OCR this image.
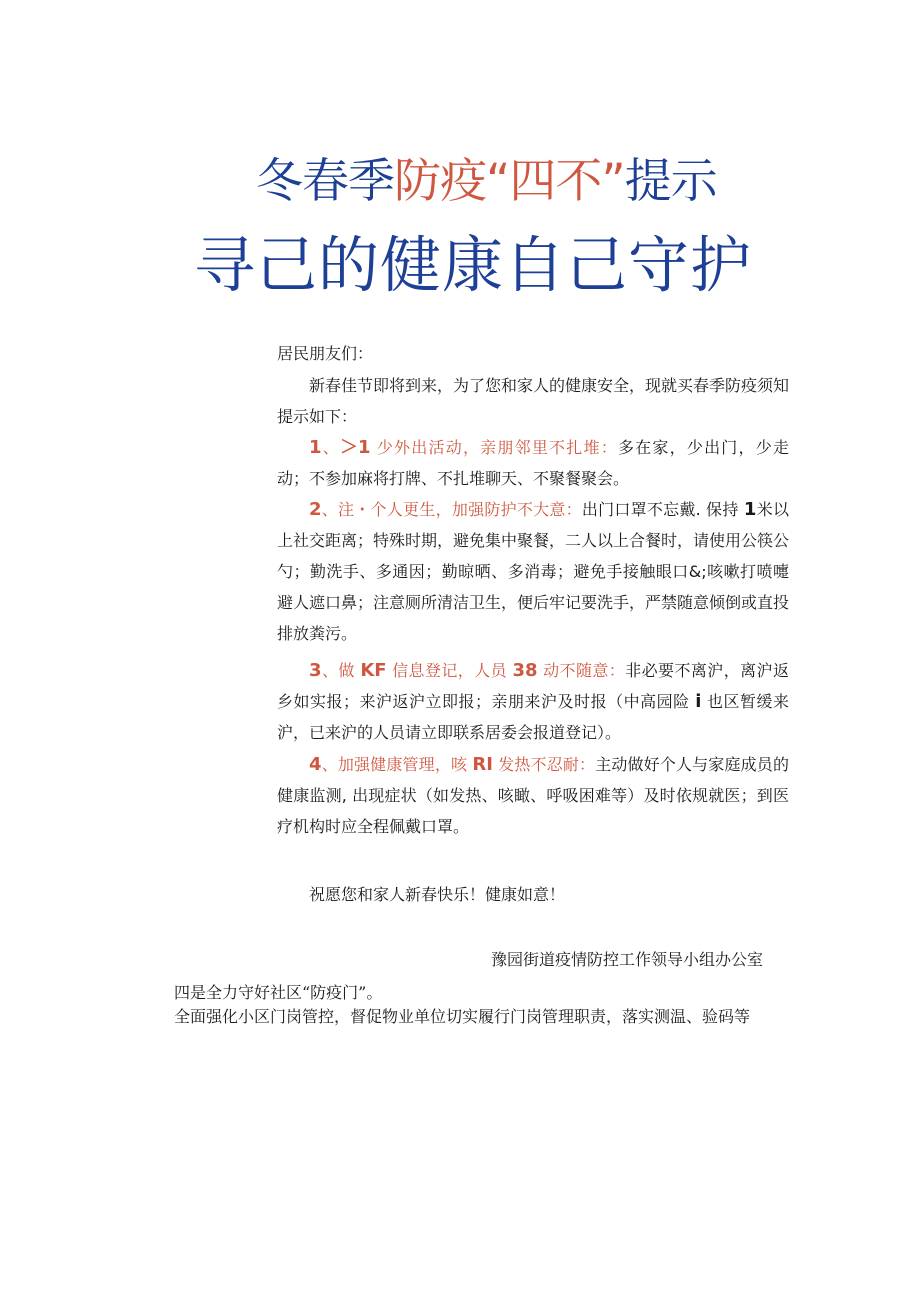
冬春季防疫“四不”提示
寻己的健康自己守护
居民朋友们：

新春佳节即将到来，为了您和家人的健康安全，现就买春季防疫须知提示如下：

1、＞1 少外出活动，亲朋邻里不扎堆：多在家，少出门，少走动；不参加麻将打牌、不扎堆聊天、不聚餐聚会。

2、注・个人更生，加强防护不大意：出门口罩不忘戴. 保持 1米以上社交距离；特殊时期，避免集中聚餐，二人以上合餐时，请使用公筷公勺；勤洗手、多通因；勤晾晒、多消毒；避免手接触眼口&;咳嗽打喷嚏避人遮口鼻；注意厕所清洁卫生，便后牢记要洗手，严禁随意倾倒或直投排放粪污。

3、做 KF 信息登记，人员 38 动不随意：非必要不离沪，离沪返乡如实报；来沪返沪立即报；亲朋来沪及时报（中高园险 i 也区暂缓来沪，已来沪的人员请立即联系居委会报道登记）。

4、加强健康管理，咳 RI 发热不忍耐：主动做好个人与家庭成员的健康监测, 出现症状（如发热、咳瞰、呼吸困难等）及时依规就医；到医疗机构时应全程佩戴口罩。

祝愿您和家人新春快乐！健康如意！

豫园街道疫情防控工作领导小组办公室
四是全力守好社区“防疫门”。
全面强化小区门岗管控，督促物业单位切实履行门岗管理职责，落实测温、验码等
